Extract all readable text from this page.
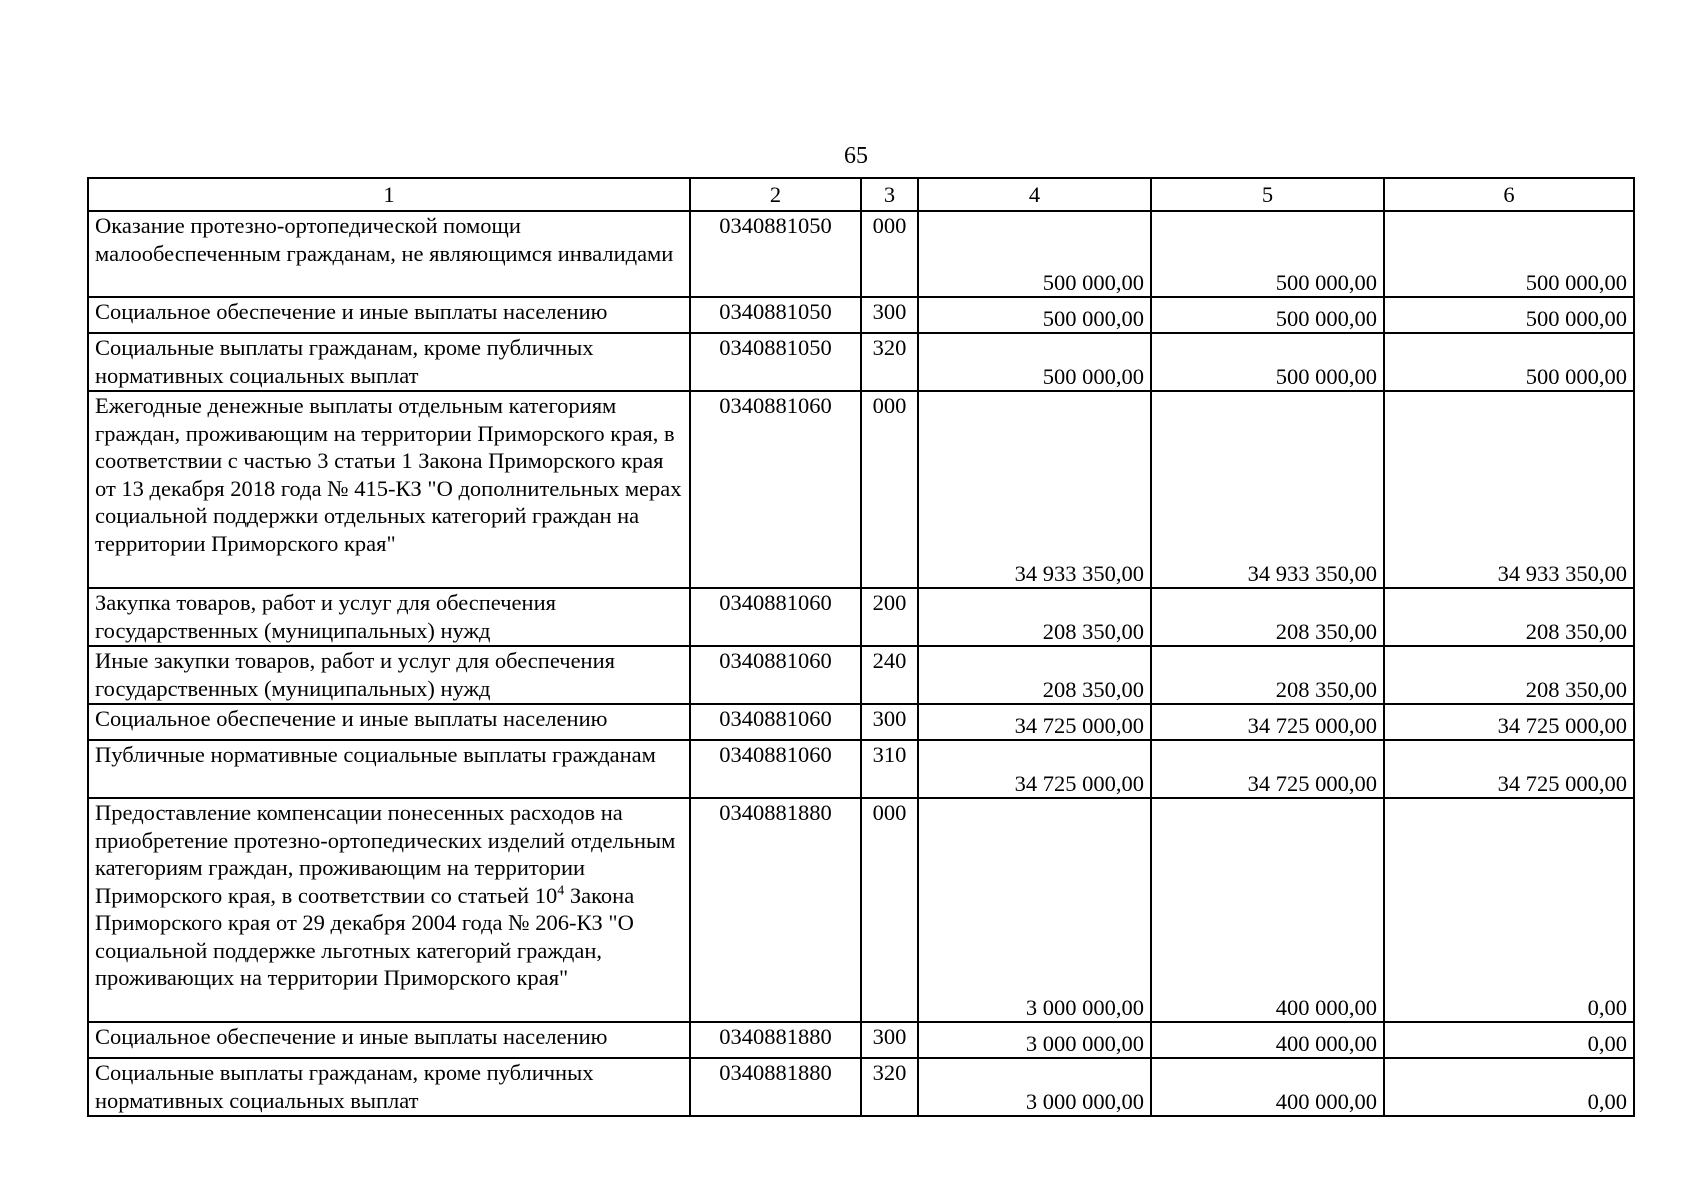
65
1	2	3	4	5	6
Оказание протезно-ортопедической помощи малообеспеченным гражданам, не являющимся инвалидами	0340881050	000	500 000,00	500 000,00	500 000,00
Социальное обеспечение и иные выплаты населению	0340881050	300	500 000,00	500 000,00	500 000,00
Социальные выплаты гражданам, кроме публичных нормативных социальных выплат	0340881050	320	500 000,00	500 000,00	500 000,00
Ежегодные денежные выплаты отдельным категориям граждан, проживающим на территории Приморского края, в соответствии с частью 3 статьи 1 Закона Приморского края от 13 декабря 2018 года № 415-КЗ "О дополнительных мерах социальной поддержки отдельных категорий граждан на территории Приморского края"	0340881060	000	34 933 350,00	34 933 350,00	34 933 350,00
Закупка товаров, работ и услуг для обеспечения государственных (муниципальных) нужд	0340881060	200	208 350,00	208 350,00	208 350,00
Иные закупки товаров, работ и услуг для обеспечения государственных (муниципальных) нужд	0340881060	240	208 350,00	208 350,00	208 350,00
Социальное обеспечение и иные выплаты населению	0340881060	300	34 725 000,00	34 725 000,00	34 725 000,00
Публичные нормативные социальные выплаты гражданам	0340881060	310	34 725 000,00	34 725 000,00	34 725 000,00
Предоставление компенсации понесенных расходов на приобретение протезно-ортопедических изделий отдельным категориям граждан, проживающим на территории Приморского края, в соответствии со статьей $10^4$ Закона Приморского края от 29 декабря 2004 года № 206-КЗ "О социальной поддержке льготных категорий граждан, проживающих на территории Приморского края"	0340881880	000	3 000 000,00	400 000,00	0,00
Социальное обеспечение и иные выплаты населению	0340881880	300	3 000 000,00	400 000,00	0,00
Социальные выплаты гражданам, кроме публичных нормативных социальных выплат	0340881880	320	3 000 000,00	400 000,00	0,00
